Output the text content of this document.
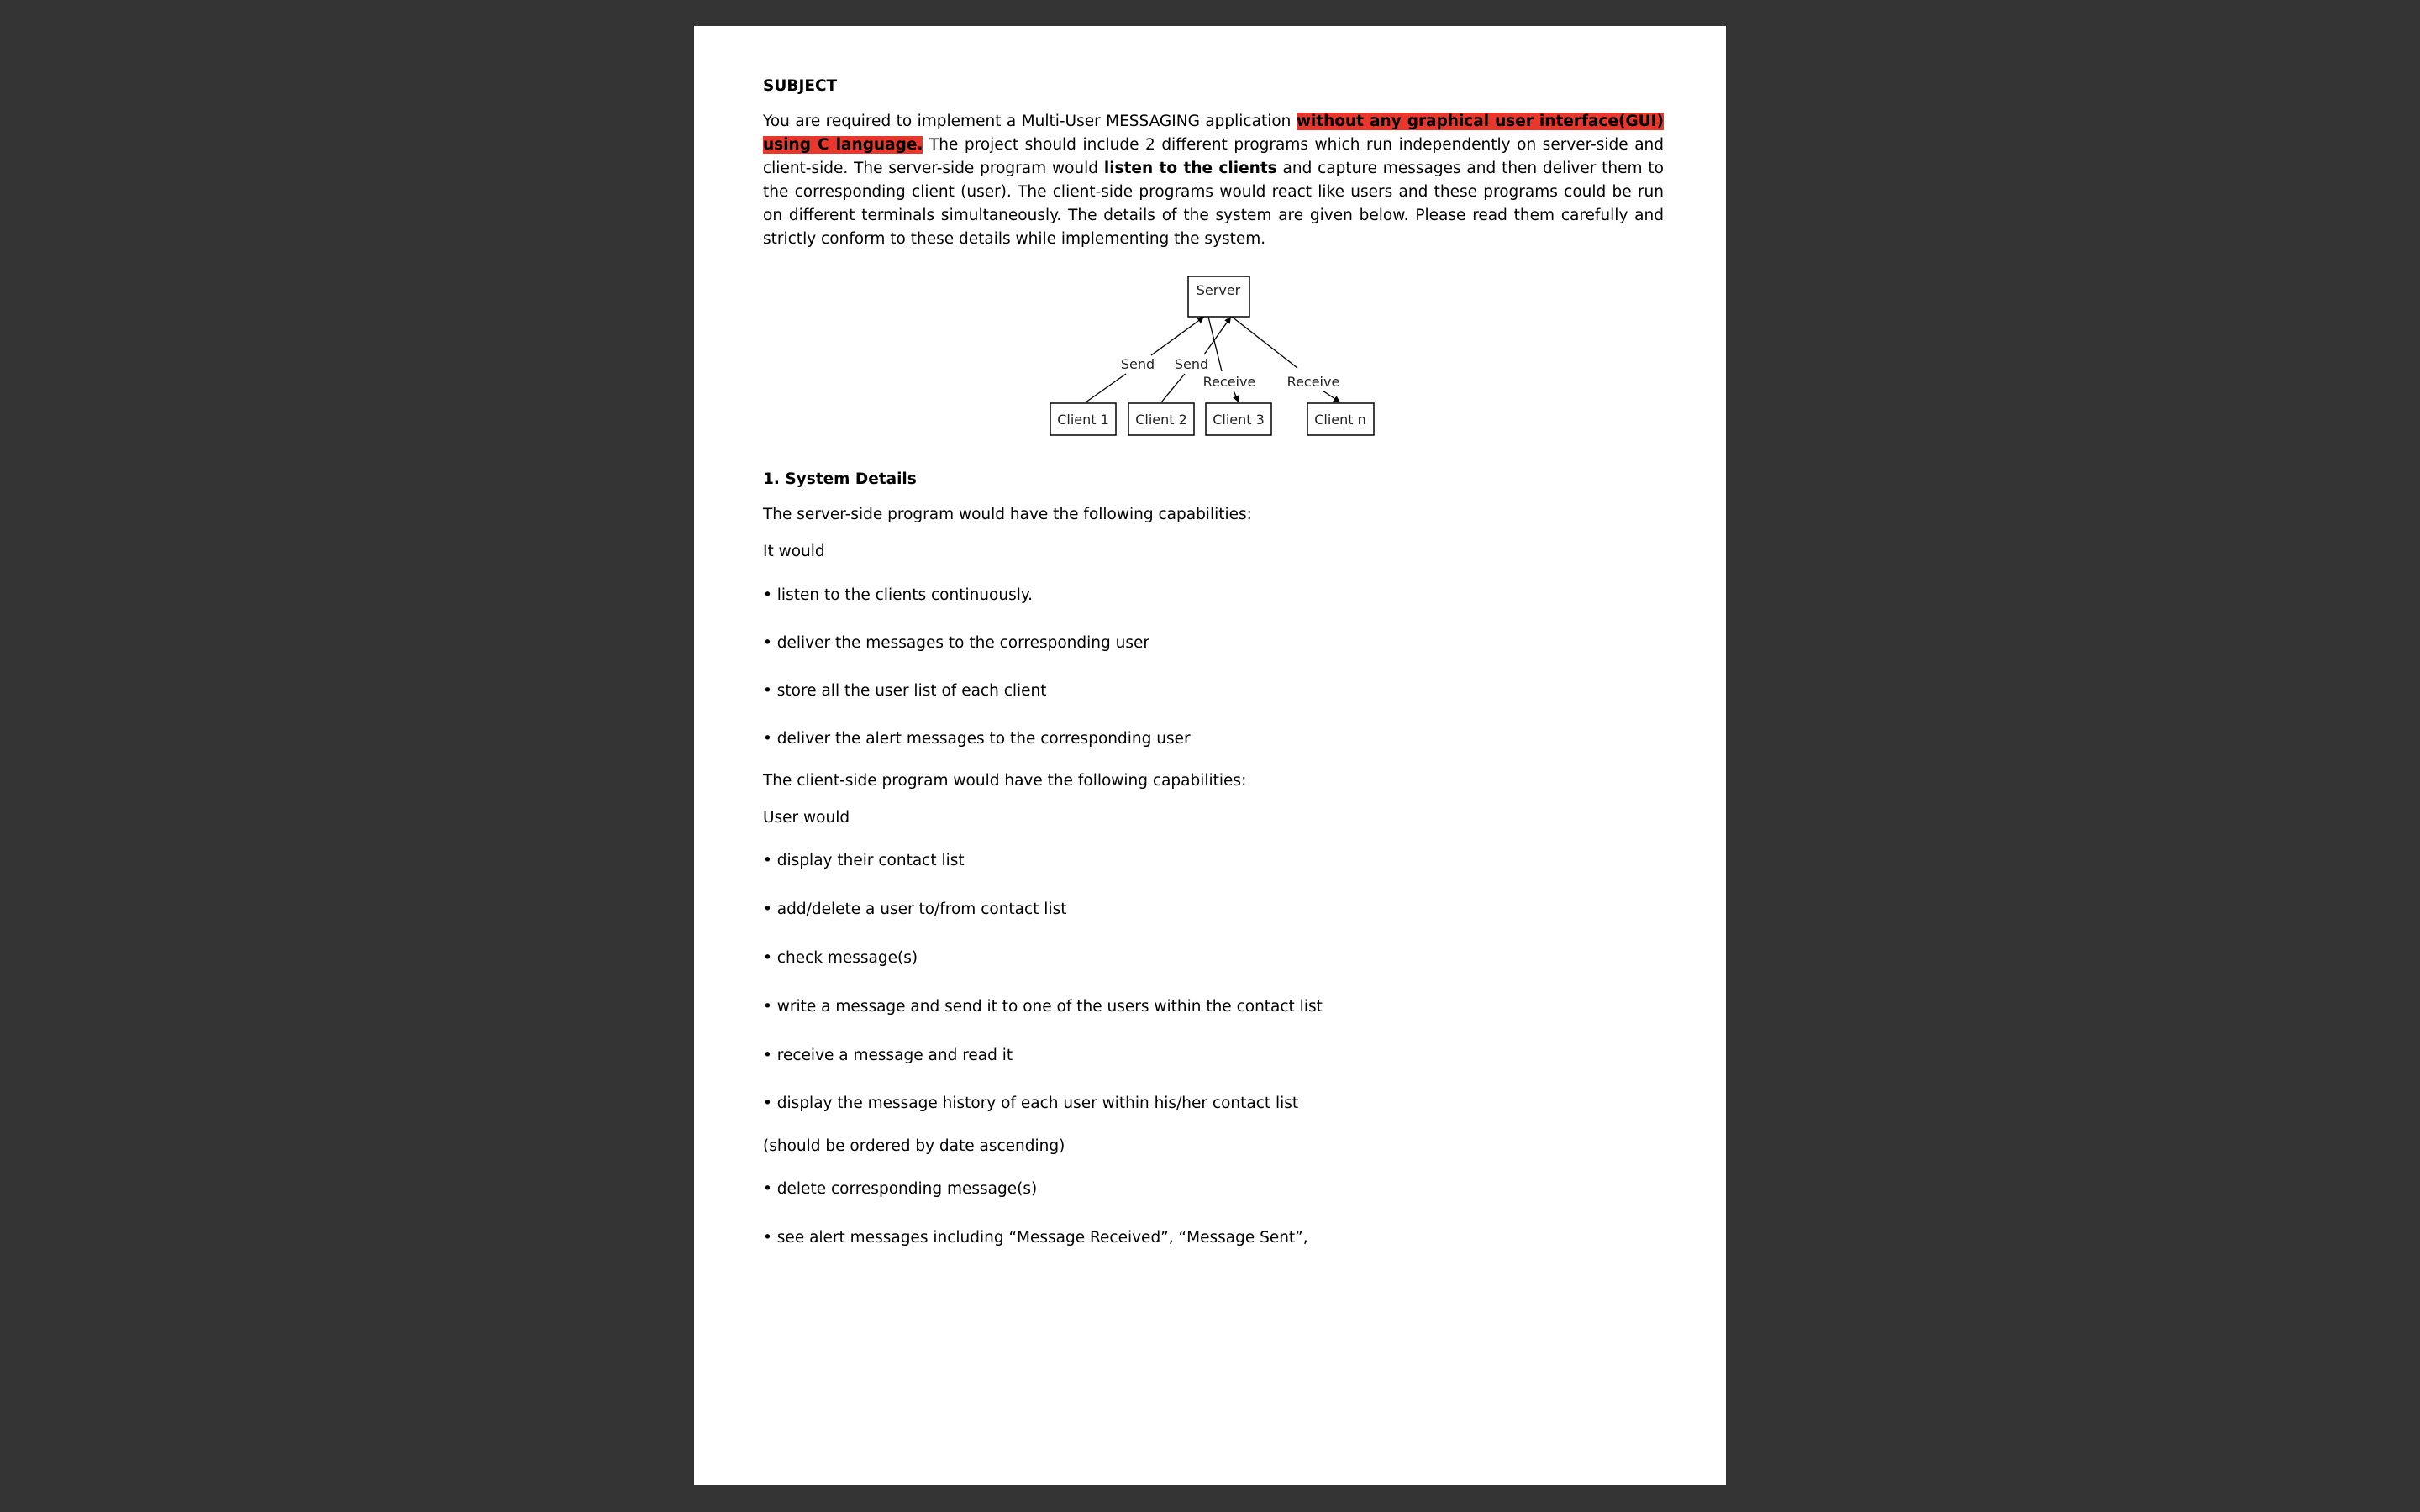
SUBJECT

You are required to implement a Multi-User MESSAGING application without any graphical user interface(GUI) using C language. The project should include 2 different programs which run independently on server-side and client-side. The server-side program would listen to the clients and capture messages and then deliver them to the corresponding client (user). The client-side programs would react like users and these programs could be run on different terminals simultaneously. The details of the system are given below. Please read them carefully and strictly conform to these details while implementing the system.

Server
Client 1 Client 2 Client 3	Client n
Send Send
Receive Receive

1. System Details

The server-side program would have the following capabilities:

It would

• listen to the clients continuously.

• deliver the messages to the corresponding user

• store all the user list of each client

• deliver the alert messages to the corresponding user

The client-side program would have the following capabilities:

User would

• display their contact list

• add/delete a user to/from contact list

• check message(s)

• write a message and send it to one of the users within the contact list

• receive a message and read it

• display the message history of each user within his/her contact list

(should be ordered by date ascending)

• delete corresponding message(s)

• see alert messages including “Message Received”, “Message Sent”,
